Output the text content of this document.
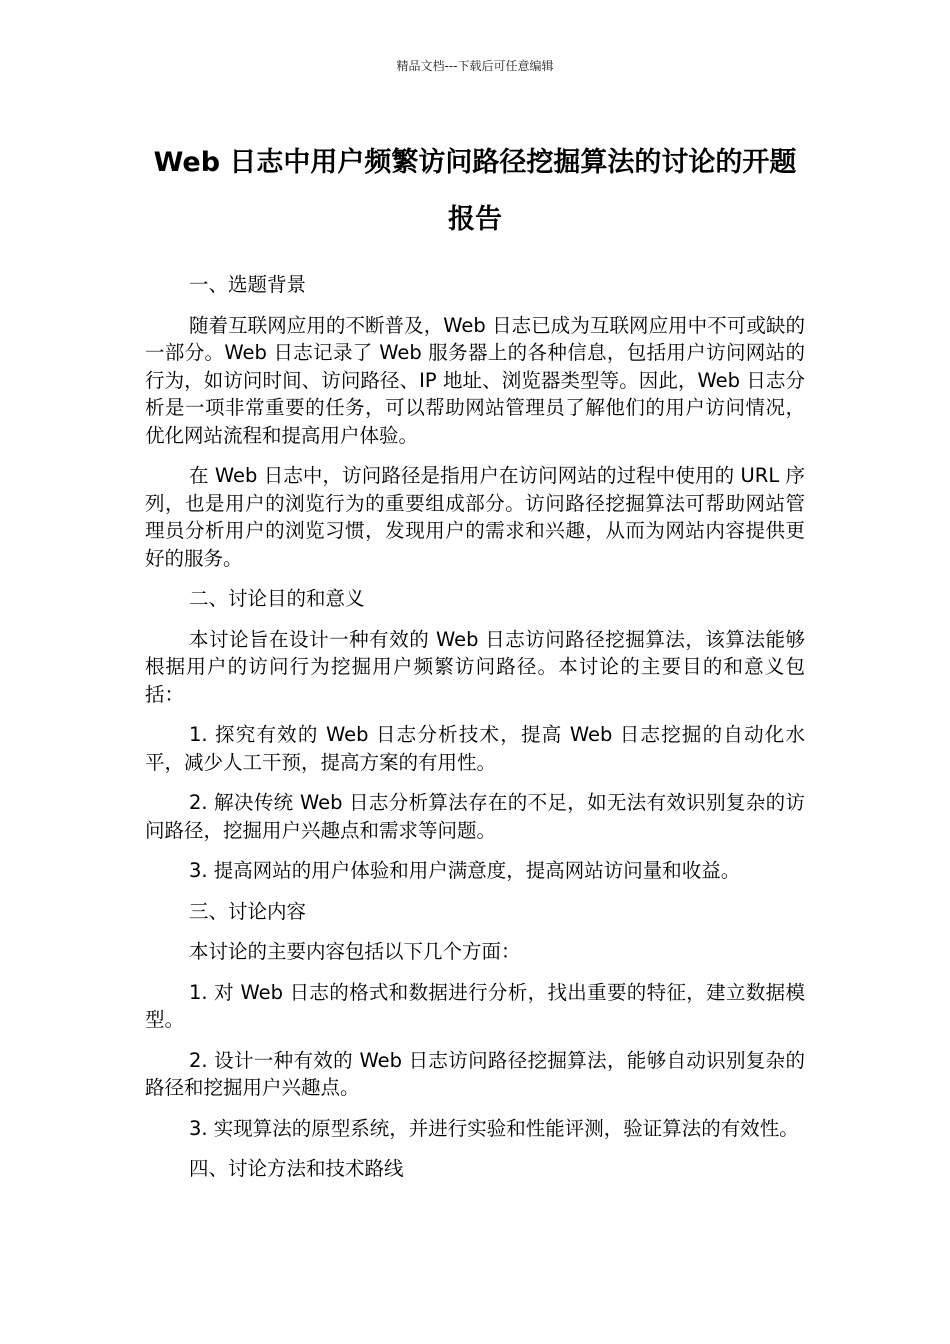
精品文档---下载后可任意编辑
Web 日志中用户频繁访问路径挖掘算法的讨论的开题报告

一、选题背景

随着互联网应用的不断普及，Web 日志已成为互联网应用中不可或缺的一部分。Web 日志记录了 Web 服务器上的各种信息，包括用户访问网站的行为，如访问时间、访问路径、IP 地址、浏览器类型等。因此，Web 日志分析是一项非常重要的任务，可以帮助网站管理员了解他们的用户访问情况，优化网站流程和提高用户体验。

在 Web 日志中，访问路径是指用户在访问网站的过程中使用的 URL 序列，也是用户的浏览行为的重要组成部分。访问路径挖掘算法可帮助网站管理员分析用户的浏览习惯，发现用户的需求和兴趣，从而为网站内容提供更好的服务。

二、讨论目的和意义

本讨论旨在设计一种有效的 Web 日志访问路径挖掘算法，该算法能够根据用户的访问行为挖掘用户频繁访问路径。本讨论的主要目的和意义包括：

1. 探究有效的 Web 日志分析技术，提高 Web 日志挖掘的自动化水平，减少人工干预，提高方案的有用性。

2. 解决传统 Web 日志分析算法存在的不足，如无法有效识别复杂的访问路径，挖掘用户兴趣点和需求等问题。

3. 提高网站的用户体验和用户满意度，提高网站访问量和收益。

三、讨论内容

本讨论的主要内容包括以下几个方面：

1. 对 Web 日志的格式和数据进行分析，找出重要的特征，建立数据模型。

2. 设计一种有效的 Web 日志访问路径挖掘算法，能够自动识别复杂的路径和挖掘用户兴趣点。

3. 实现算法的原型系统，并进行实验和性能评测，验证算法的有效性。

四、讨论方法和技术路线
